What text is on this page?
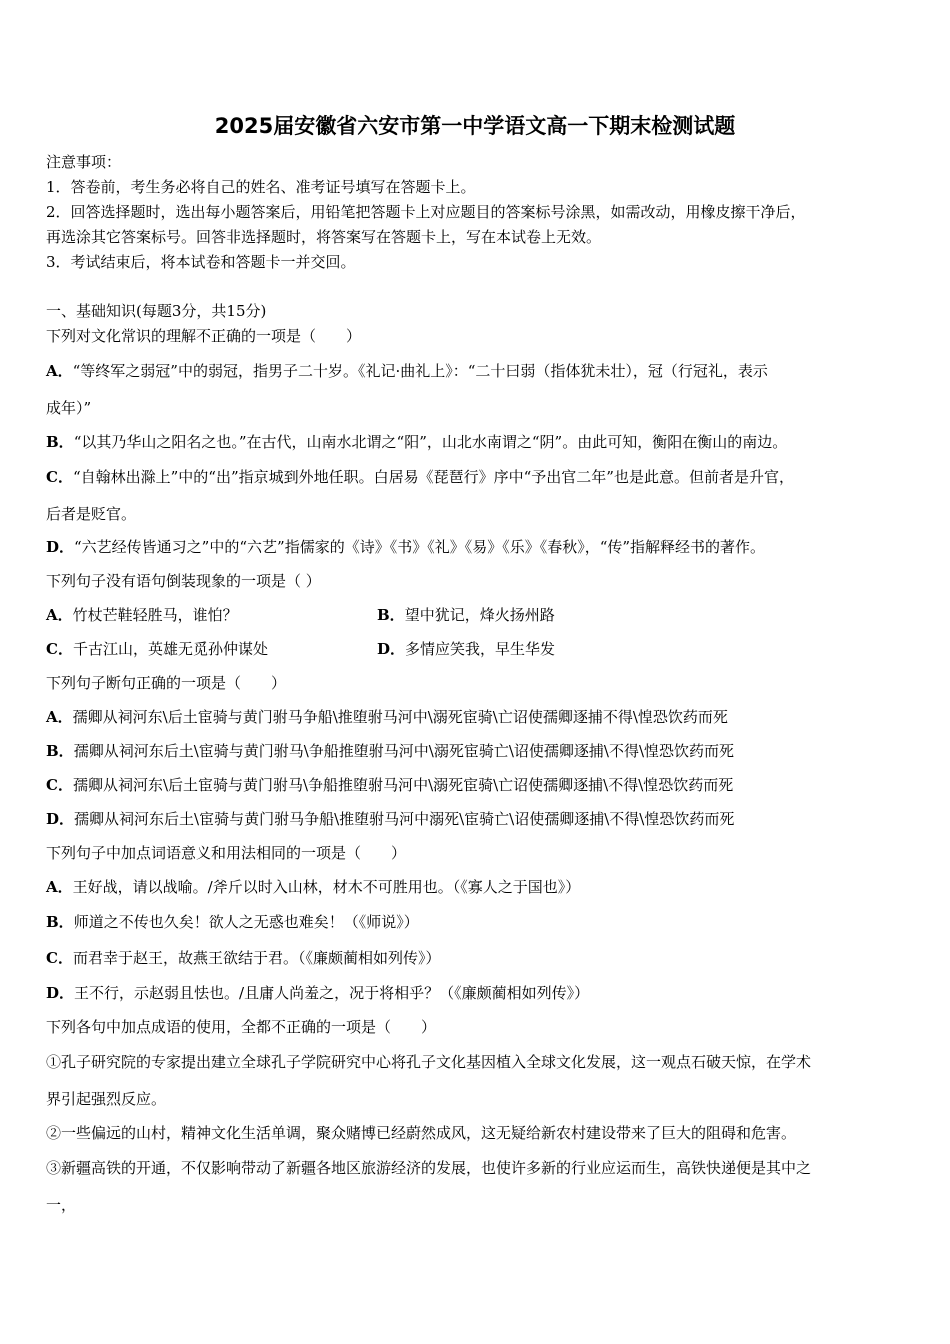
2025届安徽省六安市第一中学语文高一下期末检测试题
注意事项：
1．答卷前，考生务必将自己的姓名、准考证号填写在答题卡上。
2．回答选择题时，选出每小题答案后，用铅笔把答题卡上对应题目的答案标号涂黑，如需改动，用橡皮擦干净后，
再选涂其它答案标号。回答非选择题时，将答案写在答题卡上，写在本试卷上无效。
3．考试结束后，将本试卷和答题卡一并交回。
一、基础知识(每题3分，共15分)
下列对文化常识的理解不正确的一项是（　　）
A．“等终军之弱冠”中的弱冠，指男子二十岁。《礼记·曲礼上》：“二十曰弱（指体犹未壮），冠（行冠礼，表示
成年）”
B．“以其乃华山之阳名之也。”在古代，山南水北谓之“阳”，山北水南谓之“阴”。由此可知，衡阳在衡山的南边。
C．“自翰林出滁上”中的“出”指京城到外地任职。白居易《琵琶行》序中“予出官二年”也是此意。但前者是升官，
后者是贬官。
D．“六艺经传皆通习之”中的“六艺”指儒家的《诗》《书》《礼》《易》《乐》《春秋》，“传”指解释经书的著作。
下列句子没有语句倒装现象的一项是（ ）
A．竹杖芒鞋轻胜马，谁怕？	B．望中犹记，烽火扬州路
C．千古江山，英雄无觅孙仲谋处	D．多情应笑我，早生华发
下列句子断句正确的一项是（　　）
A．孺卿从祠河东\后土宦骑与黄门驸马争船\推堕驸马河中\溺死宦骑\亡诏使孺卿逐捕不得\惶恐饮药而死
B．孺卿从祠河东后土\宦骑与黄门驸马\争船推堕驸马河中\溺死宦骑亡\诏使孺卿逐捕\不得\惶恐饮药而死
C．孺卿从祠河东\后土宦骑与黄门驸马\争船推堕驸马河中\溺死宦骑\亡诏使孺卿逐捕\不得\惶恐饮药而死
D．孺卿从祠河东后土\宦骑与黄门驸马争船\推堕驸马河中溺死\宦骑亡\诏使孺卿逐捕\不得\惶恐饮药而死
下列句子中加点词语意义和用法相同的一项是（　　）
A．王好战，请以战喻。/斧斤以时入山林，材木不可胜用也。（《寡人之于国也》）
B．师道之不传也久矣！欲人之无惑也难矣！（《师说》）
C．而君幸于赵王，故燕王欲结于君。（《廉颇蔺相如列传》）
D．王不行，示赵弱且怯也。/且庸人尚羞之，况于将相乎？（《廉颇蔺相如列传》）
下列各句中加点成语的使用，全都不正确的一项是（　　）
①孔子研究院的专家提出建立全球孔子学院研究中心将孔子文化基因植入全球文化发展，这一观点石破天惊，在学术
界引起强烈反应。
②一些偏远的山村，精神文化生活单调，聚众赌博已经蔚然成风，这无疑给新农村建设带来了巨大的阻碍和危害。
③新疆高铁的开通，不仅影响带动了新疆各地区旅游经济的发展，也使许多新的行业应运而生，高铁快递便是其中之
一，
